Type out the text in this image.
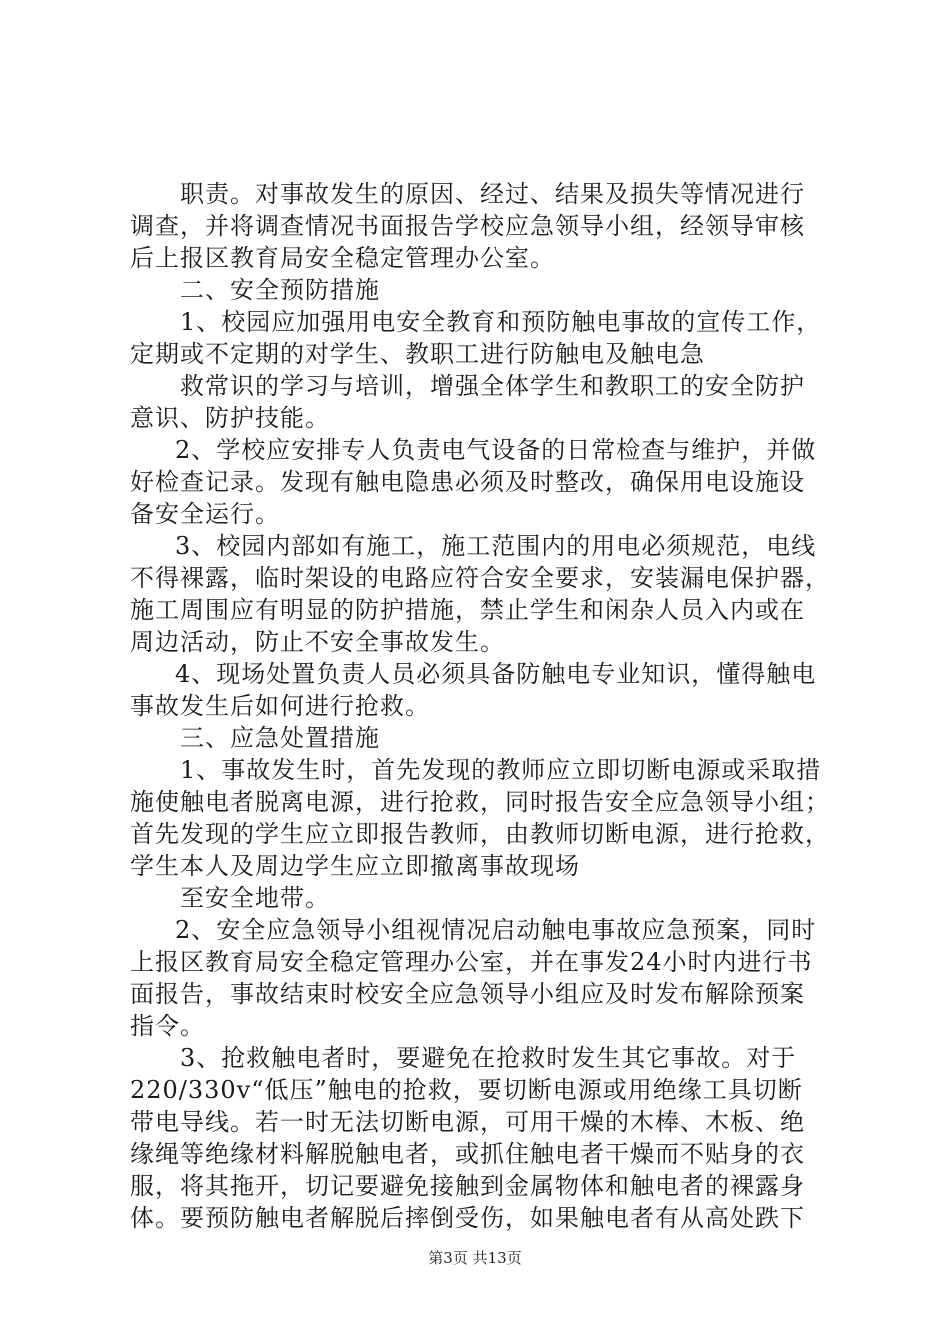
职责。对事故发生的原因、经过、结果及损失等情况进行
调查，并将调查情况书面报告学校应急领导小组，经领导审核
后上报区教育局安全稳定管理办公室。
二、安全预防措施
1、校园应加强用电安全教育和预防触电事故的宣传工作，
定期或不定期的对学生、教职工进行防触电及触电急
救常识的学习与培训，增强全体学生和教职工的安全防护
意识、防护技能。
2、学校应安排专人负责电气设备的日常检查与维护，并做
好检查记录。发现有触电隐患必须及时整改，确保用电设施设
备安全运行。
3、校园内部如有施工，施工范围内的用电必须规范，电线
不得裸露，临时架设的电路应符合安全要求，安装漏电保护器，
施工周围应有明显的防护措施，禁止学生和闲杂人员入内或在
周边活动，防止不安全事故发生。
4、现场处置负责人员必须具备防触电专业知识，懂得触电
事故发生后如何进行抢救。
三、应急处置措施
1、事故发生时，首先发现的教师应立即切断电源或采取措
施使触电者脱离电源，进行抢救，同时报告安全应急领导小组；
首先发现的学生应立即报告教师，由教师切断电源，进行抢救，
学生本人及周边学生应立即撤离事故现场
至安全地带。
2、安全应急领导小组视情况启动触电事故应急预案，同时
上报区教育局安全稳定管理办公室，并在事发24小时内进行书
面报告，事故结束时校安全应急领导小组应及时发布解除预案
指令。
3、抢救触电者时，要避免在抢救时发生其它事故。对于
220/330v“低压”触电的抢救，要切断电源或用绝缘工具切断
带电导线。若一时无法切断电源，可用干燥的木棒、木板、绝
缘绳等绝缘材料解脱触电者，或抓住触电者干燥而不贴身的衣
服，将其拖开，切记要避免接触到金属物体和触电者的裸露身
体。要预防触电者解脱后摔倒受伤，如果触电者有从高处跌下
第3页 共13页
